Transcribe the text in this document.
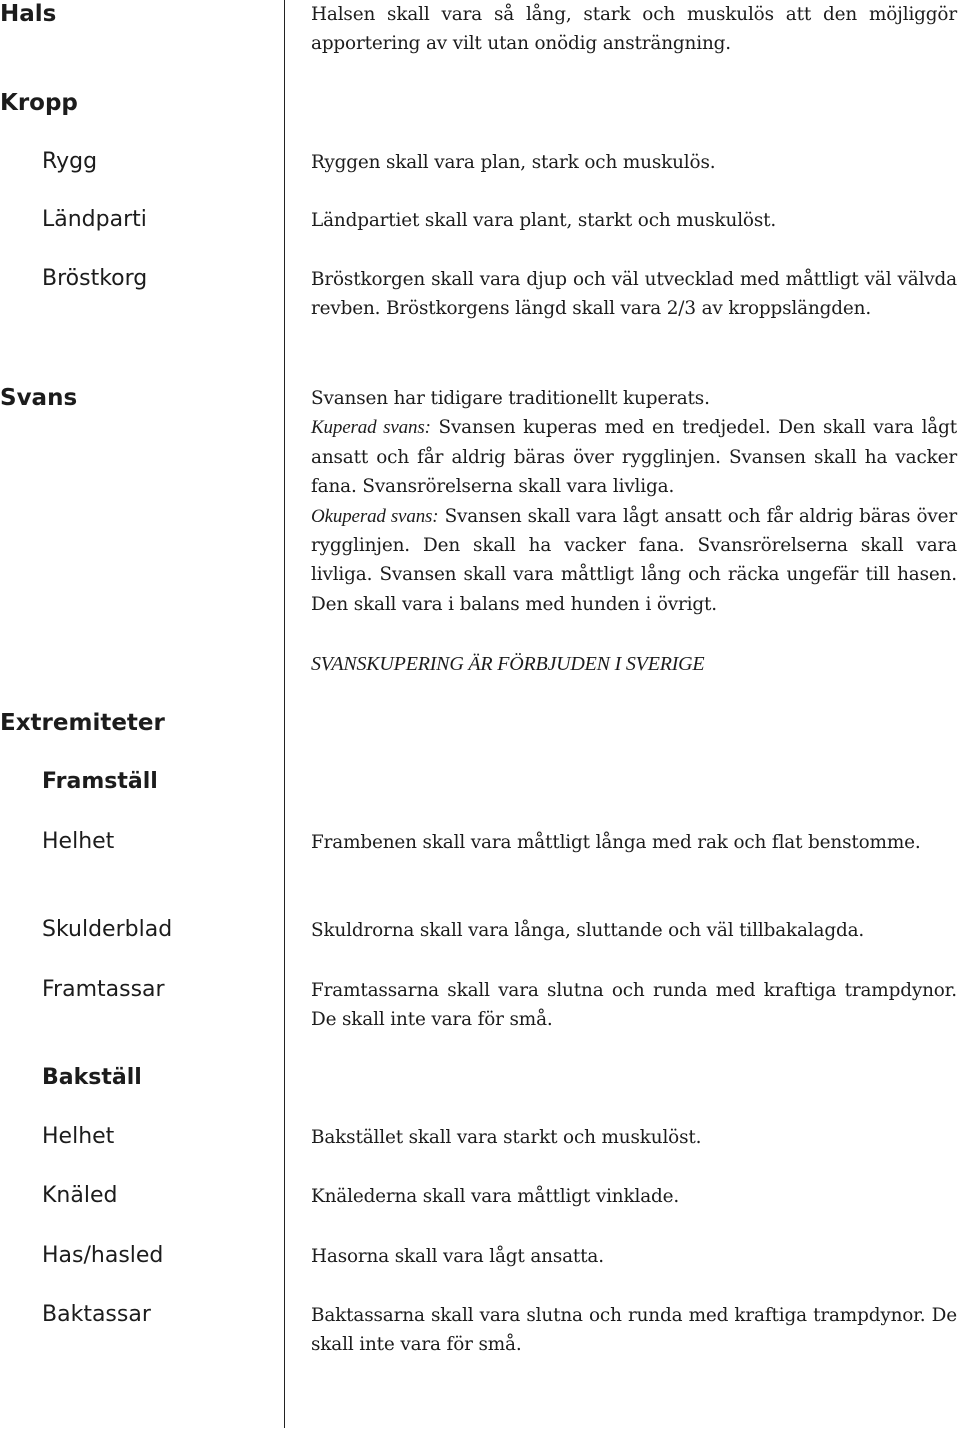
Hals	Halsen skall vara så lång, stark och muskulös att den möjliggör apportering av vilt utan onödig ansträngning.

Kropp
Rygg	Ryggen skall vara plan, stark och muskulös.

Ländparti	Ländpartiet skall vara plant, starkt och muskulöst.

Bröstkorg	Bröstkorgen skall vara djup och väl utvecklad med måttligt väl välvda revben. Bröstkorgens längd skall vara 2/3 av kroppslängden.

Svans	Svansen har tidigare traditionellt kuperats.

Kuperad svans: Svansen kuperas med en tredjedel. Den skall vara lågt ansatt och får aldrig bäras över rygglinjen. Svansen skall ha vacker fana. Svansrörelserna skall vara livliga.

Okuperad svans: Svansen skall vara lågt ansatt och får aldrig bäras över rygglinjen. Den skall ha vacker fana. Svansrörelserna skall vara livliga. Svansen skall vara måttligt lång och räcka ungefär till hasen. Den skall vara i balans med hunden i övrigt.

SVANSKUPERING ÄR FÖRBJUDEN I SVERIGE
Extremiteter
Framställ
Helhet	Frambenen skall vara måttligt långa med rak och flat benstomme.

Skulderblad	Skuldrorna skall vara långa, sluttande och väl tillbakalagda.

Framtassar	Framtassarna skall vara slutna och runda med kraftiga trampdynor. De skall inte vara för små.

Bakställ
Helhet	Bakstället skall vara starkt och muskulöst.

Knäled	Knälederna skall vara måttligt vinklade.

Has/hasled	Hasorna skall vara lågt ansatta.

Baktassar	Baktassarna skall vara slutna och runda med kraftiga trampdynor. De skall inte vara för små.
